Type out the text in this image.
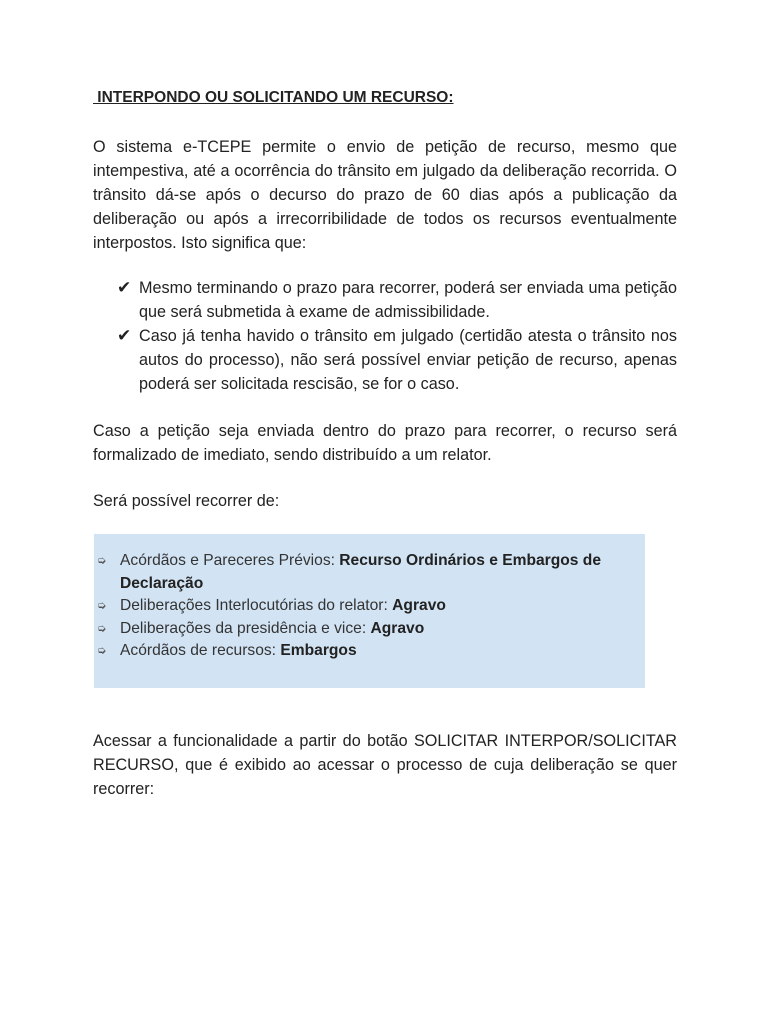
INTERPONDO OU SOLICITANDO UM RECURSO:

O sistema e-TCEPE permite o envio de petição de recurso, mesmo que intempestiva, até a ocorrência do trânsito em julgado da deliberação recorrida. O trânsito dá-se após o decurso do prazo de 60 dias após a publicação da deliberação ou após a irrecorribilidade de todos os recursos eventualmente interpostos. Isto significa que:

✔ Mesmo terminando o prazo para recorrer, poderá ser enviada uma petição que será submetida à exame de admissibilidade.
✔ Caso já tenha havido o trânsito em julgado (certidão atesta o trânsito nos autos do processo), não será possível enviar petição de recurso, apenas poderá ser solicitada rescisão, se for o caso.

Caso a petição seja enviada dentro do prazo para recorrer, o recurso será formalizado de imediato, sendo distribuído a um relator.

Será possível recorrer de:

➭ Acórdãos e Pareceres Prévios: Recurso Ordinários e Embargos de Declaração
➭ Deliberações Interlocutórias do relator: Agravo
➭ Deliberações da presidência e vice: Agravo
➭ Acórdãos de recursos: Embargos

Acessar a funcionalidade a partir do botão SOLICITAR INTERPOR/SOLICITAR RECURSO, que é exibido ao acessar o processo de cuja deliberação se quer recorrer:
